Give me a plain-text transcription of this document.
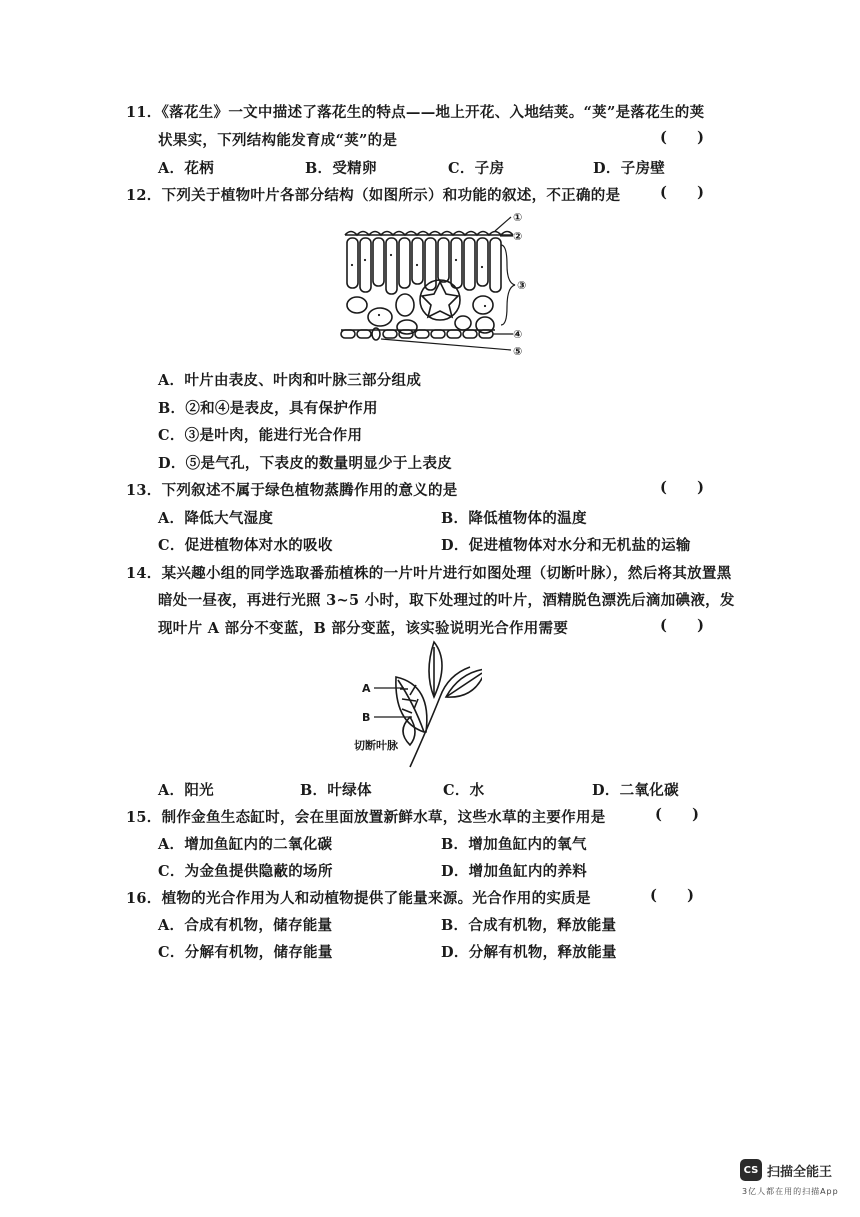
11．《落花生》一文中描述了落花生的特点——地上开花、入地结荚。“荚”是落花生的荚
状果实，下列结构能发育成“荚”的是	(      )
A．花柄	B．受精卵	C．子房	D．子房壁
12．下列关于植物叶片各部分结构（如图所示）和功能的叙述，不正确的是	(      )
①
②
③
④
⑤
A．叶片由表皮、叶肉和叶脉三部分组成
B．②和④是表皮，具有保护作用
C．③是叶肉，能进行光合作用
D．⑤是气孔，下表皮的数量明显少于上表皮
13．下列叙述不属于绿色植物蒸腾作用的意义的是	(      )
A．降低大气湿度	B．降低植物体的温度
C．促进植物体对水的吸收	D．促进植物体对水分和无机盐的运输
14．某兴趣小组的同学选取番茄植株的一片叶片进行如图处理（切断叶脉），然后将其放置黑
暗处一昼夜，再进行光照 3~5 小时，取下处理过的叶片，酒精脱色漂洗后滴加碘液，发
现叶片 A 部分不变蓝，B 部分变蓝，该实验说明光合作用需要	(      )
A
B
切断叶脉
A．阳光	B．叶绿体	C．水	D．二氧化碳
15．制作金鱼生态缸时，会在里面放置新鲜水草，这些水草的主要作用是	(      )
A．增加鱼缸内的二氧化碳	B．增加鱼缸内的氧气
C．为金鱼提供隐蔽的场所	D．增加鱼缸内的养料
16．植物的光合作用为人和动植物提供了能量来源。光合作用的实质是	(      )
A．合成有机物，储存能量	B．合成有机物，释放能量
C．分解有机物，储存能量	D．分解有机物，释放能量
CS 扫描全能王
3亿人都在用的扫描App
